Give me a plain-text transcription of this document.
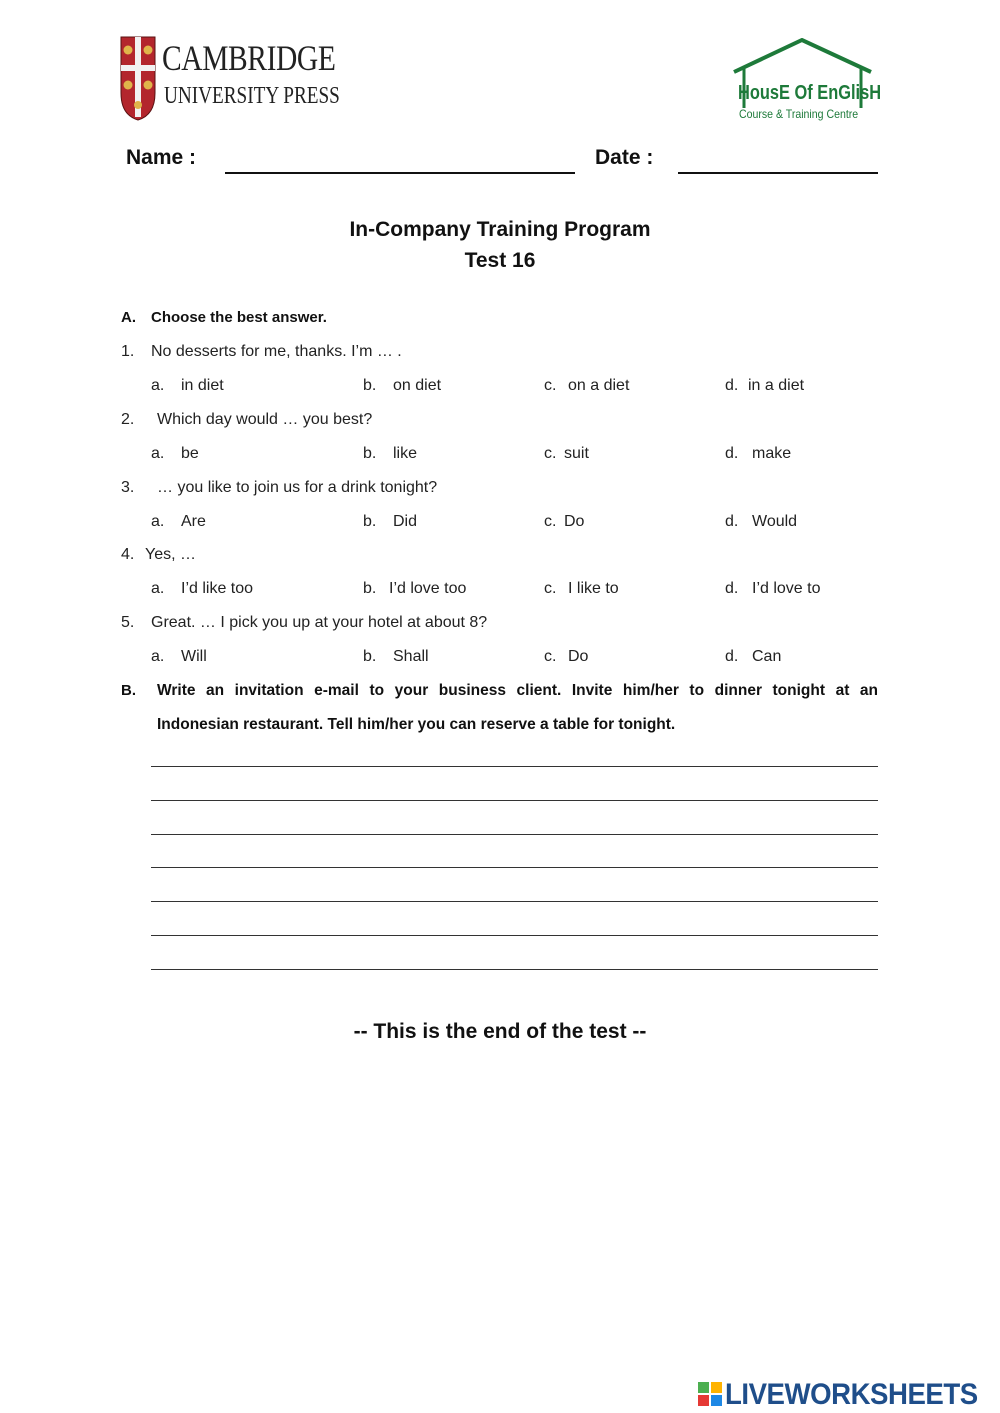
CAMBRIDGE
UNIVERSITY PRESS	HousE Of EnGlisH
Course & Training Centre
Name :	Date :
In-Company Training Program
Test 16
A. Choose the best answer.
1. No desserts for me, thanks. I’m … .
a. in diet	b. on diet	c. on a diet	d. in a diet
2. Which day would … you best?
a. be	b. like	c. suit	d. make
3. … you like to join us for a drink tonight?
a. Are	b. Did	c. Do	d. Would
4. Yes, …
a. I’d like too	b. I’d love too	c. I like to	d. I’d love to
5. Great. … I pick you up at your hotel at about 8?
a. Will	b. Shall	c. Do	d. Can
B. Write an invitation e-mail to your business client. Invite him/her to dinner tonight at an
Indonesian restaurant. Tell him/her you can reserve a table for tonight.
-- This is the end of the test --
LIVEWORKSHEETS
